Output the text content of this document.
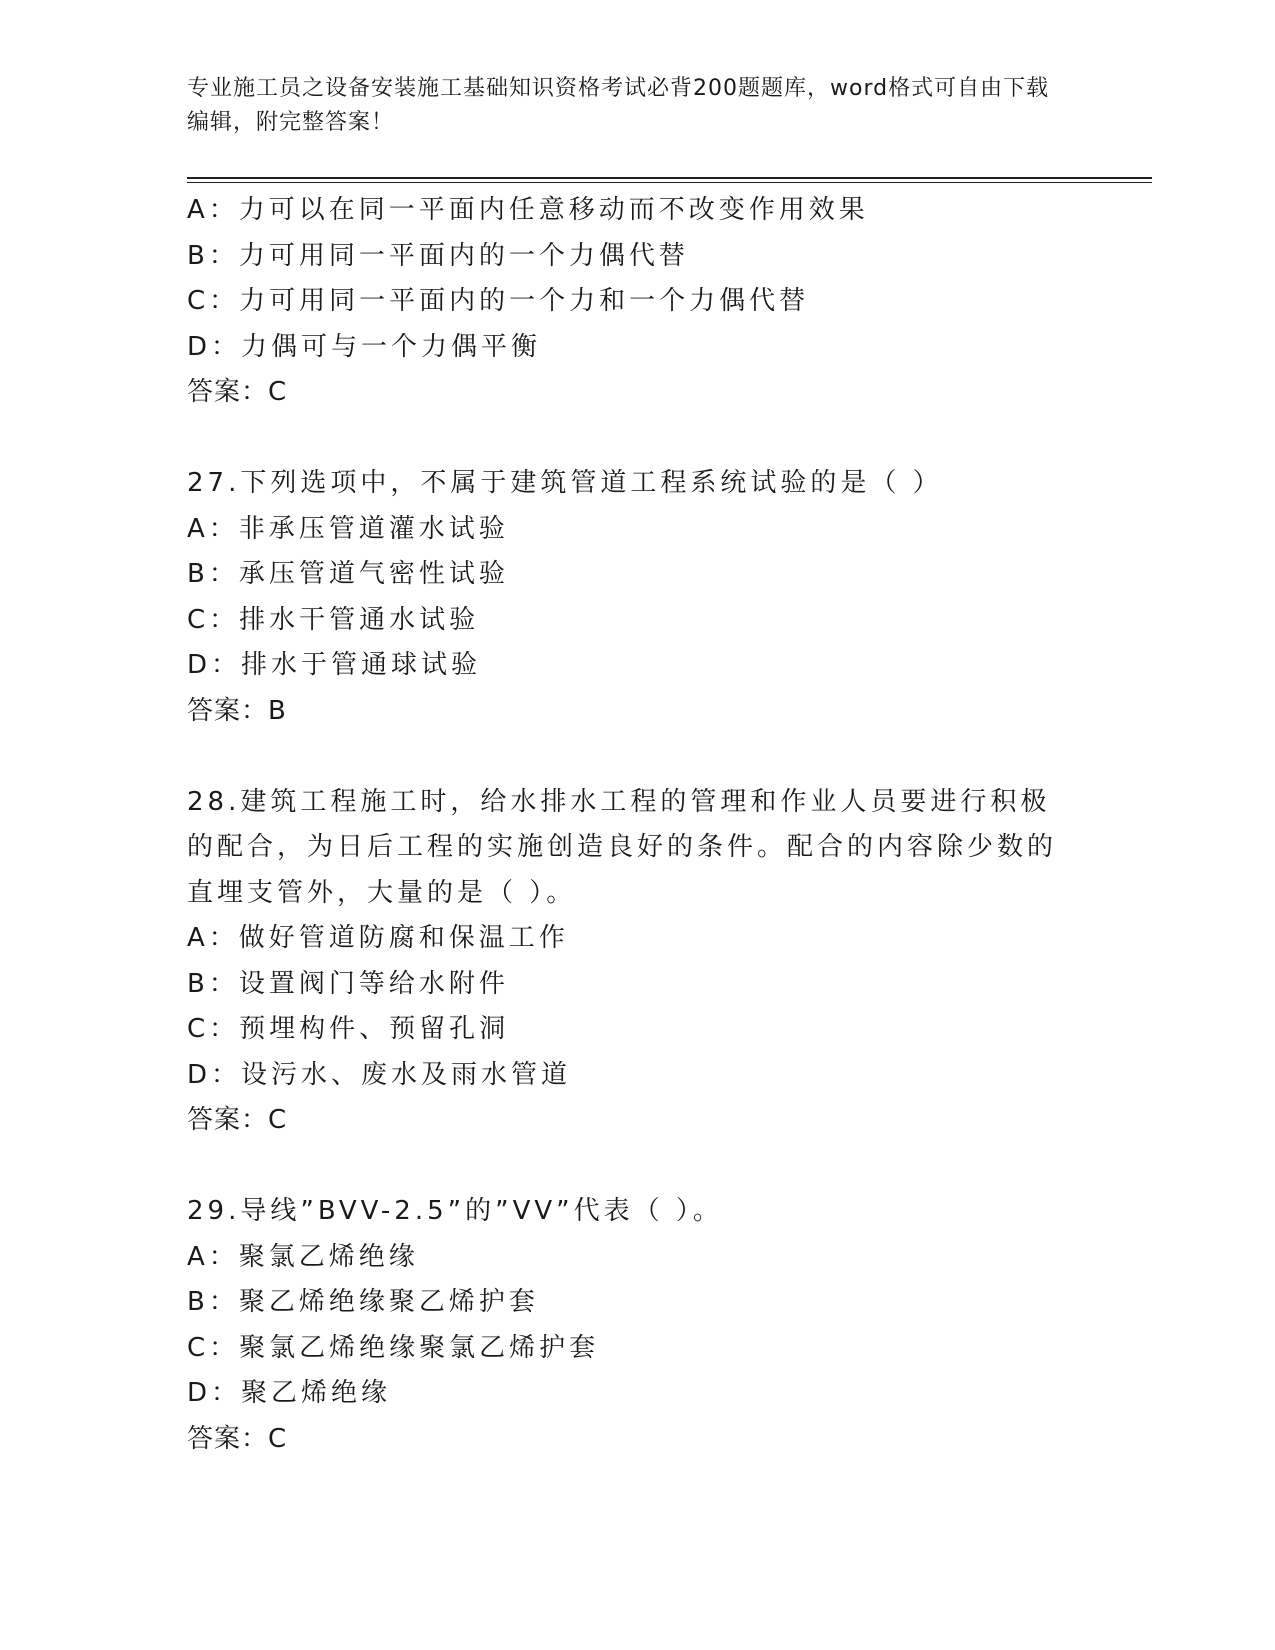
专业施工员之设备安装施工基础知识资格考试必背200题题库，word格式可自由下载编辑，附完整答案！
A：力可以在同一平面内任意移动而不改变作用效果
B：力可用同一平面内的一个力偶代替
C：力可用同一平面内的一个力和一个力偶代替
D：力偶可与一个力偶平衡
答案：C
27.下列选项中，不属于建筑管道工程系统试验的是（ ）
A：非承压管道灌水试验
B：承压管道气密性试验
C：排水干管通水试验
D：排水于管通球试验
答案：B
28.建筑工程施工时，给水排水工程的管理和作业人员要进行积极的配合，为日后工程的实施创造良好的条件。配合的内容除少数的直埋支管外，大量的是（ ）。
A：做好管道防腐和保温工作
B：设置阀门等给水附件
C：预埋构件、预留孔洞
D：设污水、废水及雨水管道
答案：C
29.导线”BVV-2.5”的”VV”代表（ ）。
A：聚氯乙烯绝缘
B：聚乙烯绝缘聚乙烯护套
C：聚氯乙烯绝缘聚氯乙烯护套
D：聚乙烯绝缘
答案：C
